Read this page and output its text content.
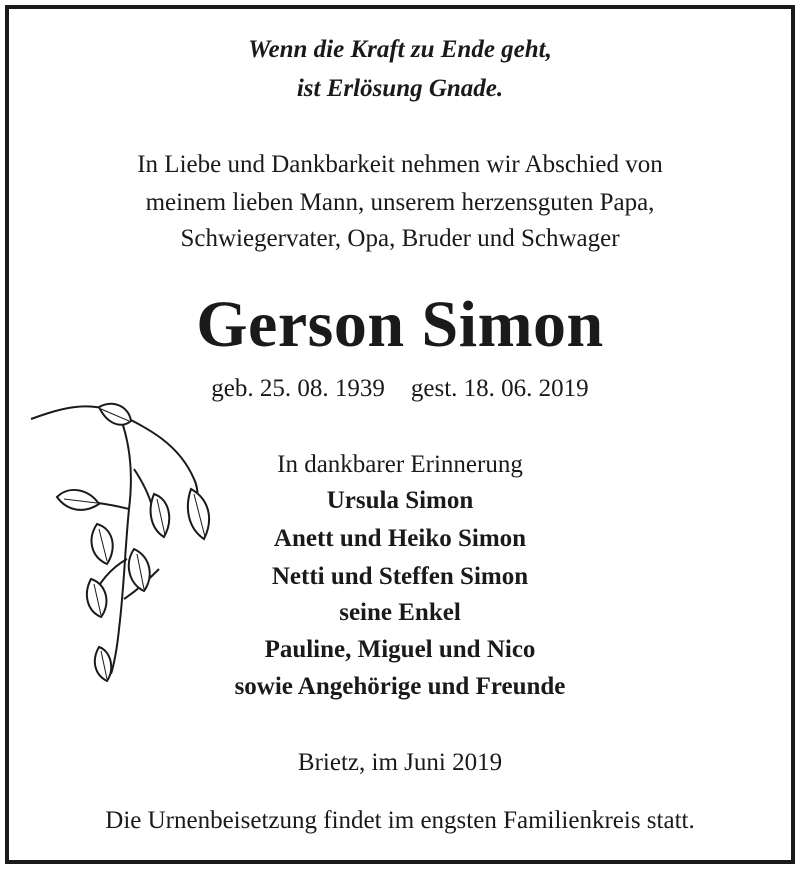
Wenn die Kraft zu Ende geht,
ist Erlösung Gnade.
In Liebe und Dankbarkeit nehmen wir Abschied von
meinem lieben Mann, unserem herzensguten Papa,
Schwiegervater, Opa, Bruder und Schwager
Gerson Simon
geb. 25. 08. 1939 gest. 18. 06. 2019
In dankbarer Erinnerung
Ursula Simon
Anett und Heiko Simon
Netti und Steffen Simon
seine Enkel
Pauline, Miguel und Nico
sowie Angehörige und Freunde
Brietz, im Juni 2019
Die Urnenbeisetzung findet im engsten Familienkreis statt.
